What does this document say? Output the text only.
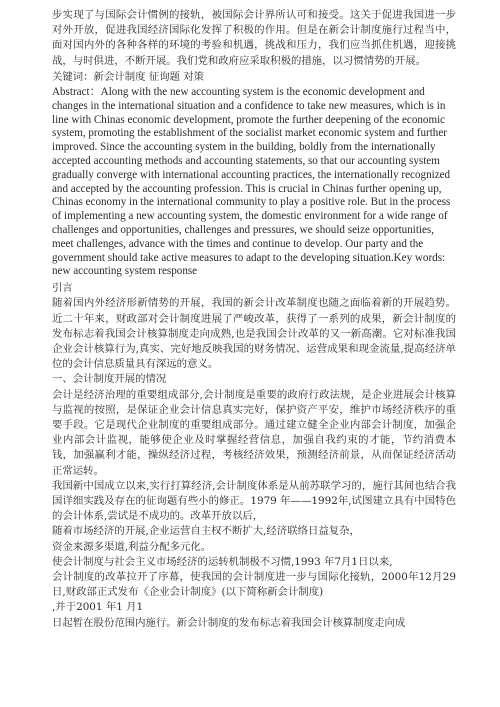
步实现了与国际会计惯例的接轨，被国际会计界所认可和接受。这关于促进我国进一步对外开放，促进我国经济国际化发挥了积极的作用。但是在新会计制度施行过程当中，面对国内外的各种各样的环境的考验和机遇，挑战和压力，我们应当抓住机遇，迎接挑战，与时俱进，不断开展。我们党和政府应采取积极的措施，以习惯情势的开展。

关键词：新会计制度 征询题 对策

Abstract：Along with the new accounting system is the economic development and changes in the international situation and a confidence to take new measures, which is in line with Chinas economic development, promote the further deepening of the economic system, promoting the establishment of the socialist market economic system and further improved. Since the accounting system in the building, boldly from the internationally accepted accounting methods and accounting statements, so that our accounting system gradually converge with international accounting practices, the internationally recognized and accepted by the accounting profession. This is crucial in Chinas further opening up, Chinas economy in the international community to play a positive role. But in the process of implementing a new accounting system, the domestic environment for a wide range of challenges and opportunities, challenges and pressures, we should seize opportunities, meet challenges, advance with the times and continue to develop. Our party and the government should take active measures to adapt to the developing situation.Key words: new accounting system response

引言

随着国内外经济形新情势的开展，我国的新会计改革制度也随之面临着新的开展趋势。近二十年来，财政部对会计制度进展了严峻改革，获得了一系列的成果，新会计制度的发布标志着我国会计核算制度走向成熟,也是我国会计改革的又一新高潮。它对标准我国企业会计核算行为,真实、完好地反映我国的财务情况、运营成果和现金流量,提高经济单位的会计信息质量具有深远的意义。

一、会计制度开展的情况

会计是经济治理的重要组成部分,会计制度是重要的政府行政法规，是企业进展会计核算与监视的按照，是保证企业会计信息真实完好，保护资产平安，维护市场经济秩序的重要手段。它是现代企业制度的重要组成部分。通过建立健全企业内部会计制度，加强企业内部会计监视，能够使企业及时掌握经营信息，加强自我约束的才能，节约消费本钱，加强赢利才能，操纵经济过程，考核经济效果，预测经济前景，从而保证经济活动正常运转。

我国新中国成立以来,实行打算经济,会计制度体系是从前苏联学习的，施行其间也结合我国详细实践及存在的征询题有些小的修正。1979 年——1992年,试图建立具有中国特色的会计体系,尝试是不成功的。改革开放以后，

随着市场经济的开展,企业运营自主权不断扩大,经济联络日益复杂，

资金来源多渠道,利益分配多元化。

使会计制度与社会主义市场经济的运转机制极不习惯,1993 年7月1日以来,

会计制度的改革拉开了序幕，使我国的会计制度进一步与国际化接轨，2000年12月29日,财政部正式发布《企业会计制度》(以下简称新会计制度)

,并于2001 年1 月1

日起暂在股份范围内施行。新会计制度的发布标志着我国会计核算制度走向成
